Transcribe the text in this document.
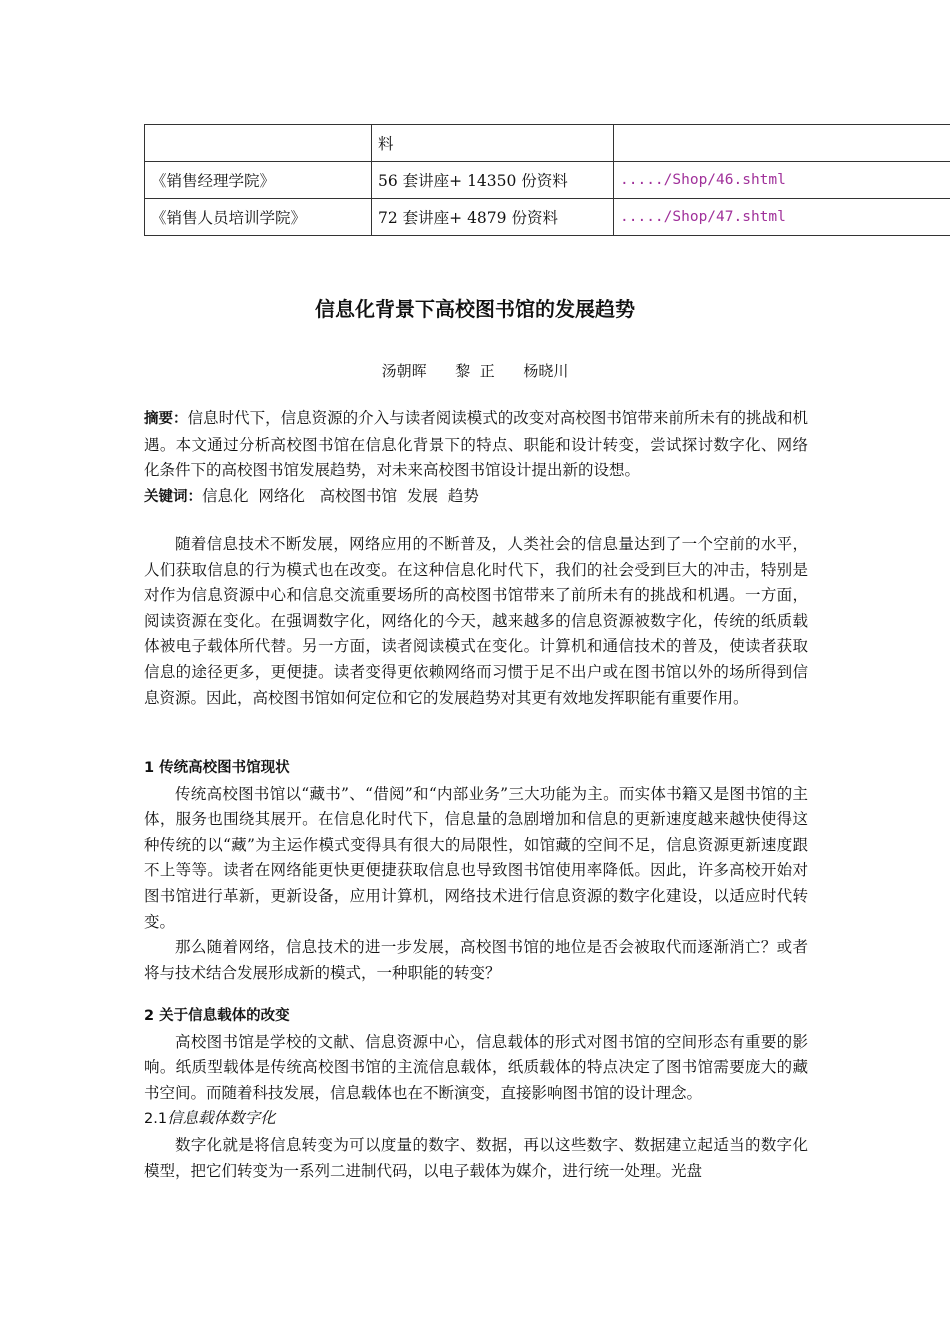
	料	
《销售经理学院》	56 套讲座+ 14350 份资料	...../Shop/46.shtml
《销售人员培训学院》	72 套讲座+ 4879 份资料	...../Shop/47.shtml
信息化背景下高校图书馆的发展趋势
汤朝晖      黎  正      杨晓川

摘要：信息时代下，信息资源的介入与读者阅读模式的改变对高校图书馆带来前所未有的挑战和机遇。本文通过分析高校图书馆在信息化背景下的特点、职能和设计转变，尝试探讨数字化、网络化条件下的高校图书馆发展趋势，对未来高校图书馆设计提出新的设想。

关键词：信息化  网络化   高校图书馆  发展  趋势

随着信息技术不断发展，网络应用的不断普及，人类社会的信息量达到了一个空前的水平，人们获取信息的行为模式也在改变。在这种信息化时代下，我们的社会受到巨大的冲击，特别是对作为信息资源中心和信息交流重要场所的高校图书馆带来了前所未有的挑战和机遇。一方面，阅读资源在变化。在强调数字化，网络化的今天，越来越多的信息资源被数字化，传统的纸质载体被电子载体所代替。另一方面，读者阅读模式在变化。计算机和通信技术的普及，使读者获取信息的途径更多，更便捷。读者变得更依赖网络而习惯于足不出户或在图书馆以外的场所得到信息资源。因此，高校图书馆如何定位和它的发展趋势对其更有效地发挥职能有重要作用。

1 传统高校图书馆现状

传统高校图书馆以“藏书”、“借阅”和“内部业务”三大功能为主。而实体书籍又是图书馆的主体，服务也围绕其展开。在信息化时代下，信息量的急剧增加和信息的更新速度越来越快使得这种传统的以“藏”为主运作模式变得具有很大的局限性，如馆藏的空间不足，信息资源更新速度跟不上等等。读者在网络能更快更便捷获取信息也导致图书馆使用率降低。因此，许多高校开始对图书馆进行革新，更新设备，应用计算机，网络技术进行信息资源的数字化建设，以适应时代转变。

那么随着网络，信息技术的进一步发展，高校图书馆的地位是否会被取代而逐渐消亡？或者将与技术结合发展形成新的模式，一种职能的转变？

2 关于信息载体的改变

高校图书馆是学校的文献、信息资源中心，信息载体的形式对图书馆的空间形态有重要的影响。纸质型载体是传统高校图书馆的主流信息载体，纸质载体的特点决定了图书馆需要庞大的藏书空间。而随着科技发展，信息载体也在不断演变，直接影响图书馆的设计理念。

2.1信息载体数字化

数字化就是将信息转变为可以度量的数字、数据，再以这些数字、数据建立起适当的数字化模型，把它们转变为一系列二进制代码，以电子载体为媒介，进行统一处理。光盘
